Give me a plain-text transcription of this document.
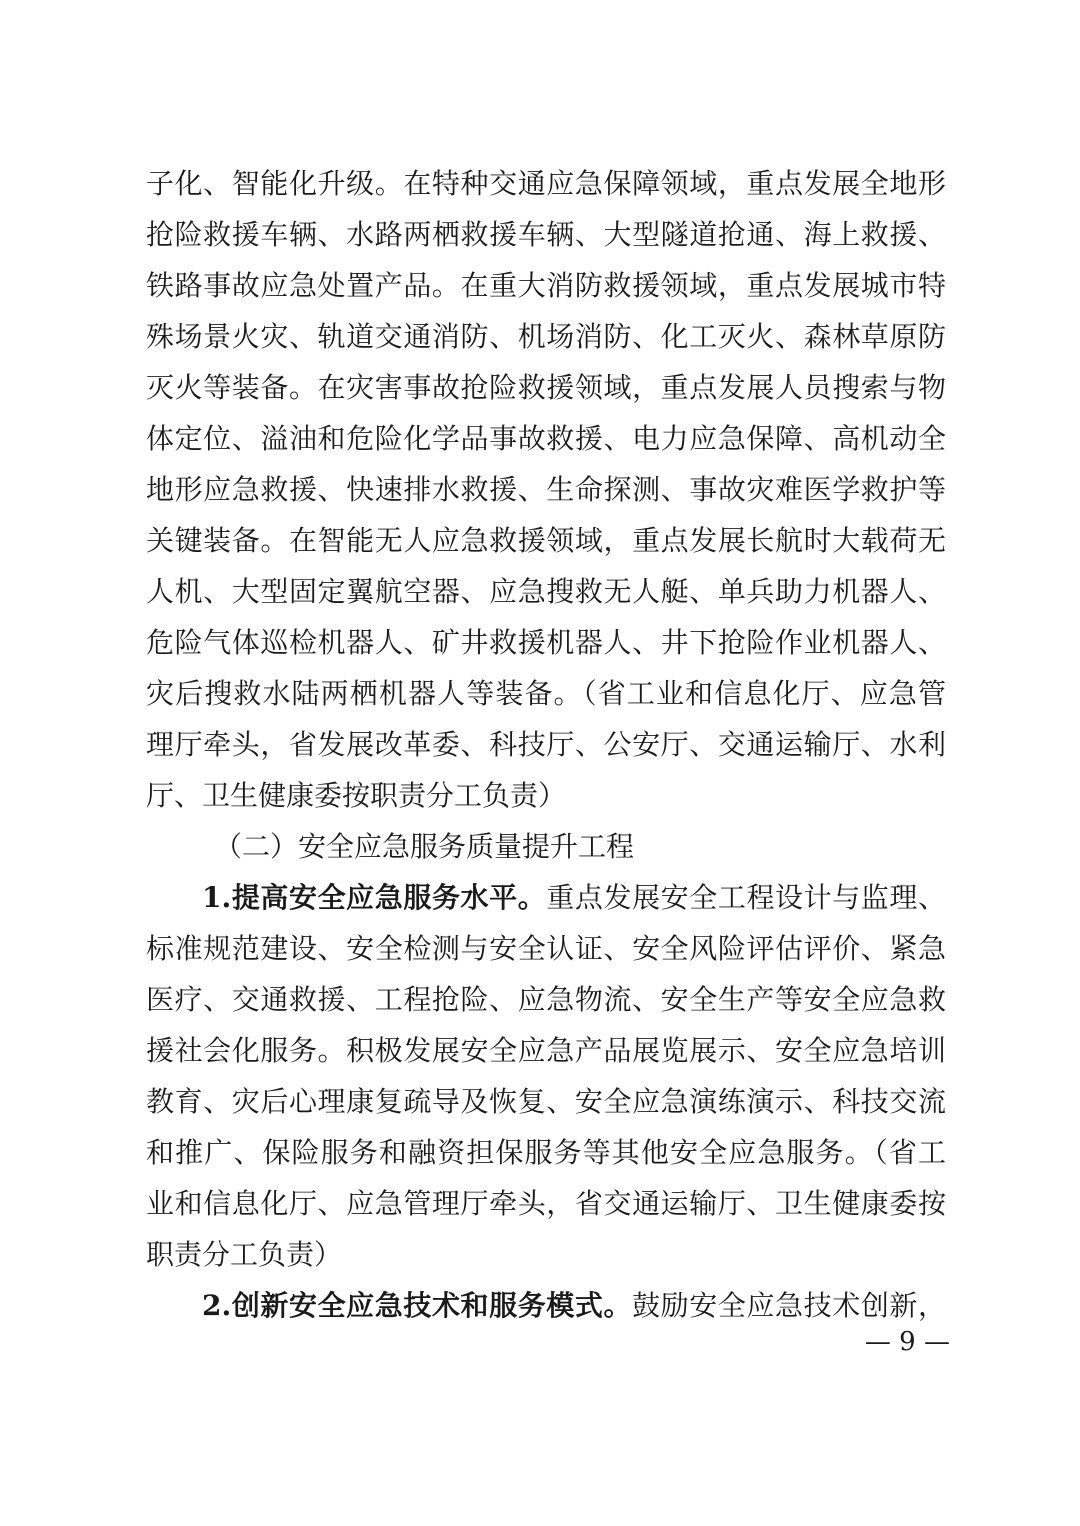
子化、智能化升级。在特种交通应急保障领域，重点发展全地形
抢险救援车辆、水路两栖救援车辆、大型隧道抢通、海上救援、
铁路事故应急处置产品。在重大消防救援领域，重点发展城市特
殊场景火灾、轨道交通消防、机场消防、化工灭火、森林草原防
灭火等装备。在灾害事故抢险救援领域，重点发展人员搜索与物
体定位、溢油和危险化学品事故救援、电力应急保障、高机动全
地形应急救援、快速排水救援、生命探测、事故灾难医学救护等
关键装备。在智能无人应急救援领域，重点发展长航时大载荷无
人机、大型固定翼航空器、应急搜救无人艇、单兵助力机器人、
危险气体巡检机器人、矿井救援机器人、井下抢险作业机器人、
灾后搜救水陆两栖机器人等装备。（省工业和信息化厅、应急管
理厅牵头，省发展改革委、科技厅、公安厅、交通运输厅、水利
厅、卫生健康委按职责分工负责）
（二）安全应急服务质量提升工程
1.提高安全应急服务水平。重点发展安全工程设计与监理、
标准规范建设、安全检测与安全认证、安全风险评估评价、紧急
医疗、交通救援、工程抢险、应急物流、安全生产等安全应急救
援社会化服务。积极发展安全应急产品展览展示、安全应急培训
教育、灾后心理康复疏导及恢复、安全应急演练演示、科技交流
和推广、保险服务和融资担保服务等其他安全应急服务。（省工
业和信息化厅、应急管理厅牵头，省交通运输厅、卫生健康委按
职责分工负责）
2.创新安全应急技术和服务模式。鼓励安全应急技术创新，
— 9 —
